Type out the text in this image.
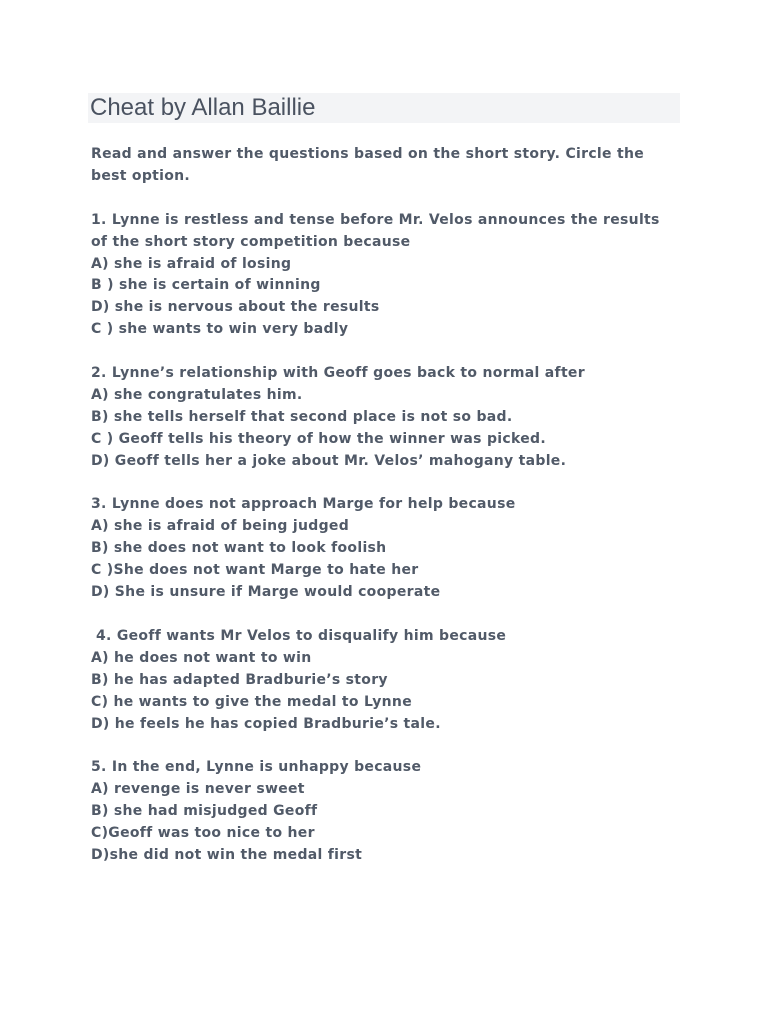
Cheat by Allan Baillie

Read and answer the questions based on the short story. Circle the

best option.

1. Lynne is restless and tense before Mr. Velos announces the results

of the short story competition because

A) she is afraid of losing

B ) she is certain of winning

D) she is nervous about the results

C ) she wants to win very badly

2. Lynne’s relationship with Geoff goes back to normal after

A) she congratulates him.

B) she tells herself that second place is not so bad.

C ) Geoff tells his theory of how the winner was picked.

D) Geoff tells her a joke about Mr. Velos’ mahogany table.

3. Lynne does not approach Marge for help because

A) she is afraid of being judged

B) she does not want to look foolish

C )She does not want Marge to hate her

D) She is unsure if Marge would cooperate

4. Geoff wants Mr Velos to disqualify him because

A) he does not want to win

B) he has adapted Bradburie’s story

C) he wants to give the medal to Lynne

D) he feels he has copied Bradburie’s tale.

5. In the end, Lynne is unhappy because

A) revenge is never sweet

B) she had misjudged Geoff

C)Geoff was too nice to her

D)she did not win the medal first
